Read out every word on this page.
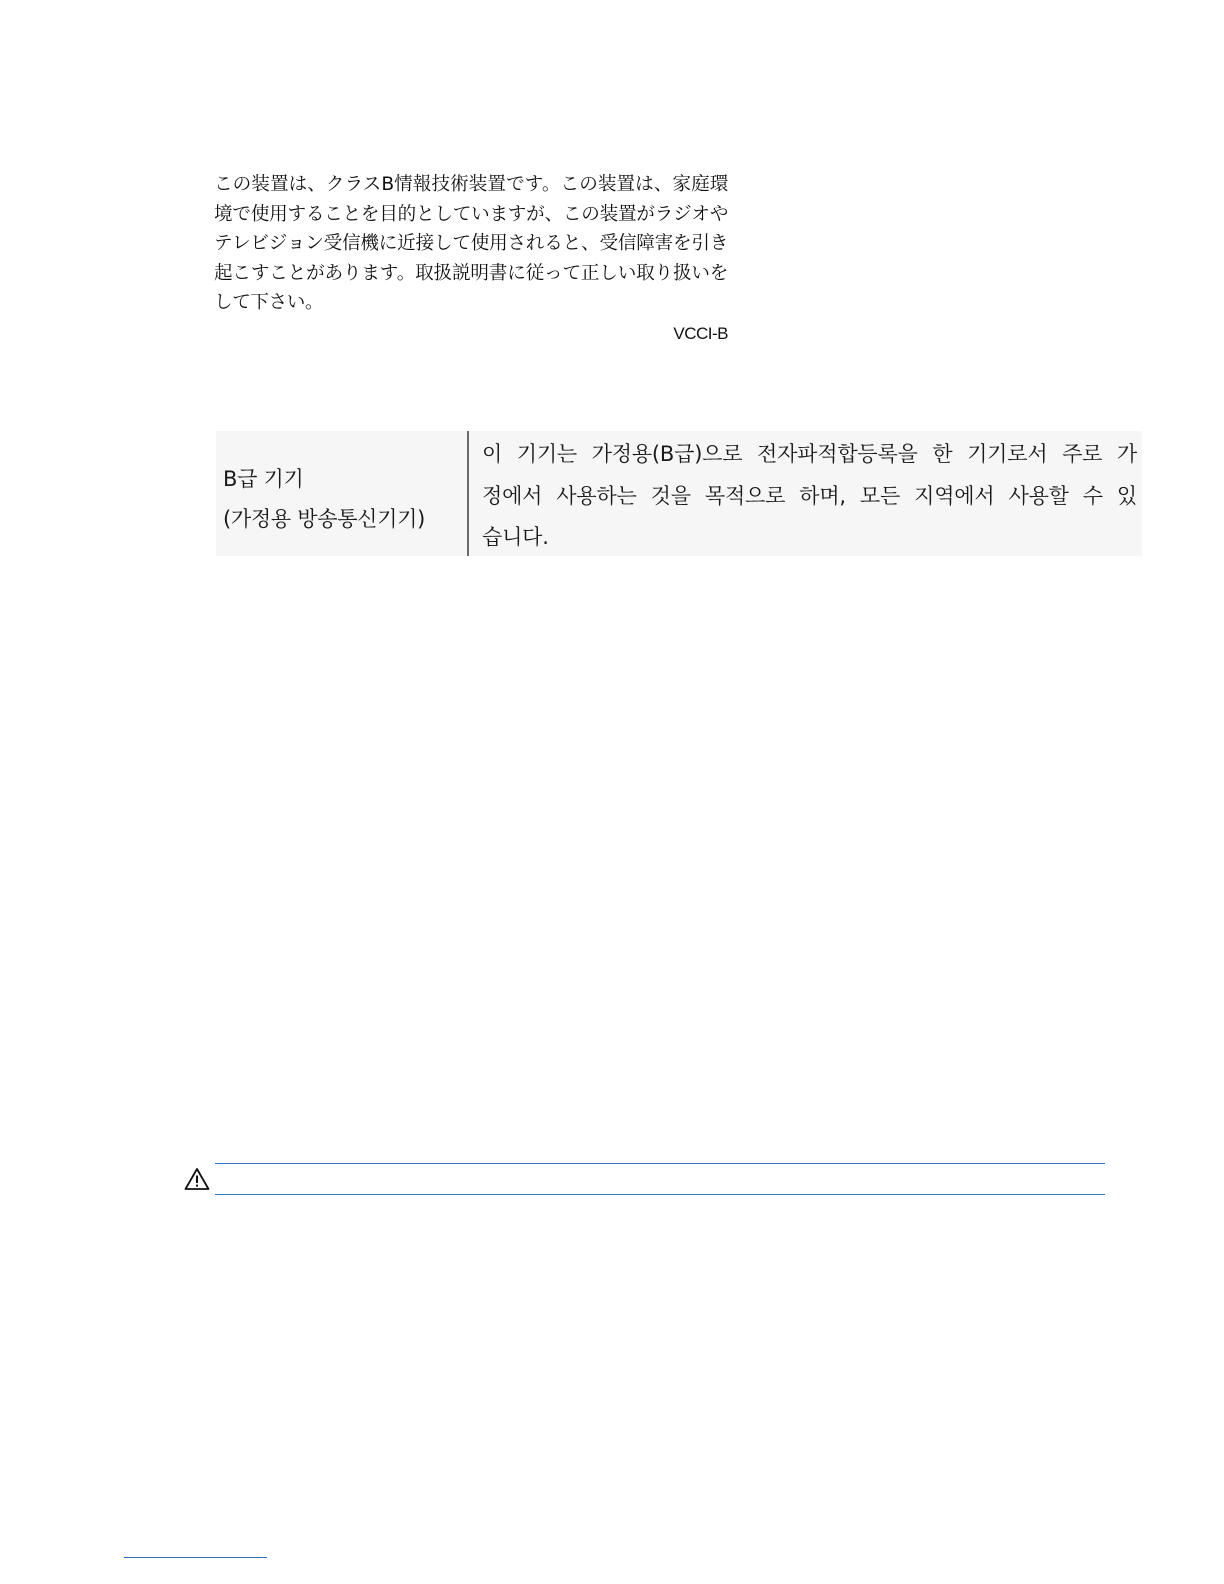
この装置は、クラスB情報技術装置です。この装置は、家庭環境で使用することを目的としていますが、この装置がラジオやテレビジョン受信機に近接して使用されると、受信障害を引き起こすことがあります。取扱説明書に従って正しい取り扱いをして下さい。

VCCI-B
B급 기기
(가정용 방송통신기기)
이 기기는 가정용(B급)으로 전자파적합등록을 한 기기로서 주로 가정에서 사용하는 것을 목적으로 하며, 모든 지역에서 사용할 수 있습니다.
